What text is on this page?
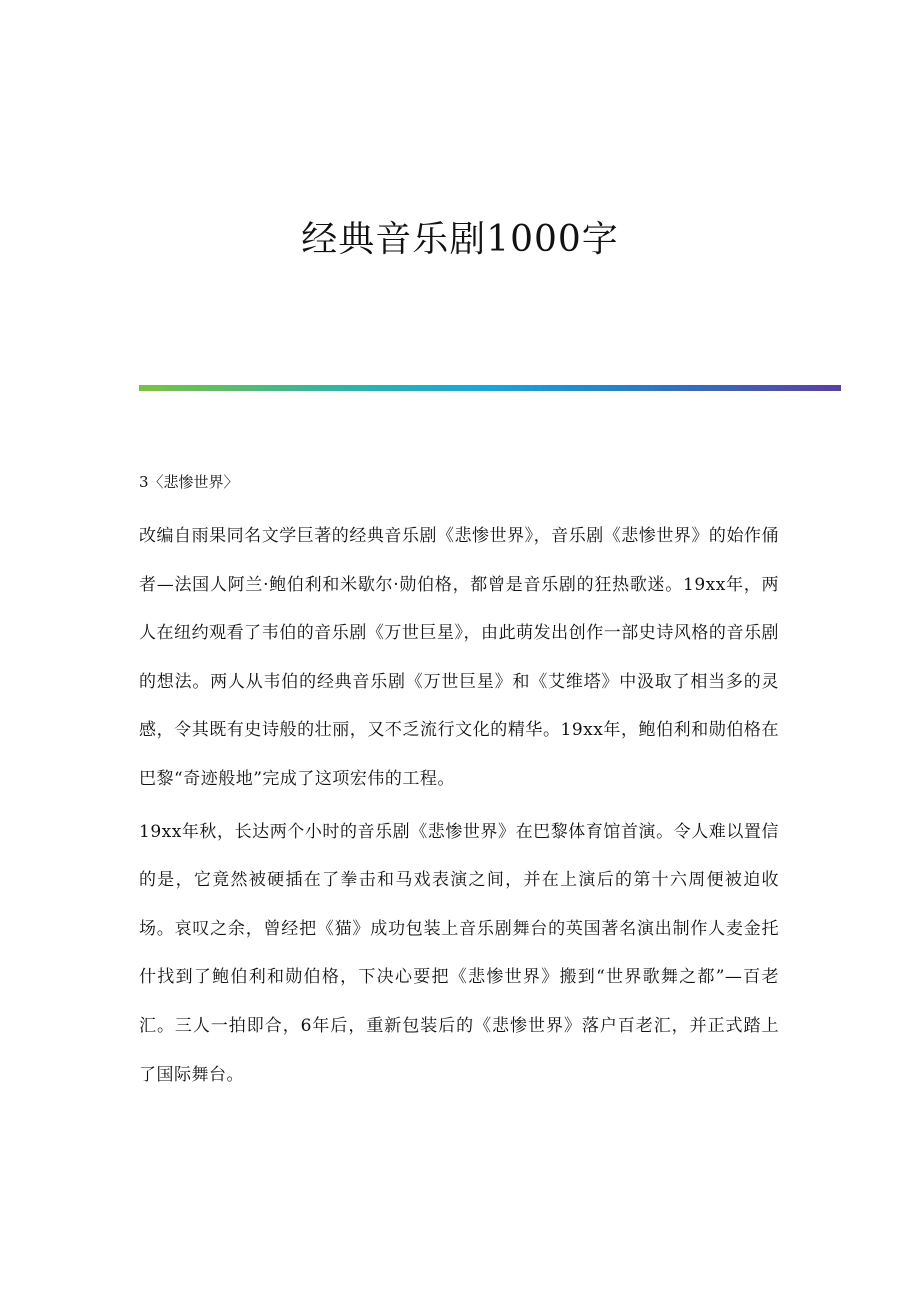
经典音乐剧1000字

3〈悲惨世界〉

改编自雨果同名文学巨著的经典音乐剧《悲惨世界》，音乐剧《悲惨世界》的始作俑者—法国人阿兰·鲍伯利和米歇尔·勋伯格，都曾是音乐剧的狂热歌迷。19xx年，两人在纽约观看了韦伯的音乐剧《万世巨星》，由此萌发出创作一部史诗风格的音乐剧的想法。两人从韦伯的经典音乐剧《万世巨星》和《艾维塔》中汲取了相当多的灵感，令其既有史诗般的壮丽，又不乏流行文化的精华。19xx年，鲍伯利和勋伯格在巴黎“奇迹般地”完成了这项宏伟的工程。

19xx年秋，长达两个小时的音乐剧《悲惨世界》在巴黎体育馆首演。令人难以置信的是，它竟然被硬插在了拳击和马戏表演之间，并在上演后的第十六周便被迫收场。哀叹之余，曾经把《猫》成功包装上音乐剧舞台的英国著名演出制作人麦金托什找到了鲍伯利和勋伯格，下决心要把《悲惨世界》搬到“世界歌舞之都”—百老汇。三人一拍即合，6年后，重新包装后的《悲惨世界》落户百老汇，并正式踏上了国际舞台。
